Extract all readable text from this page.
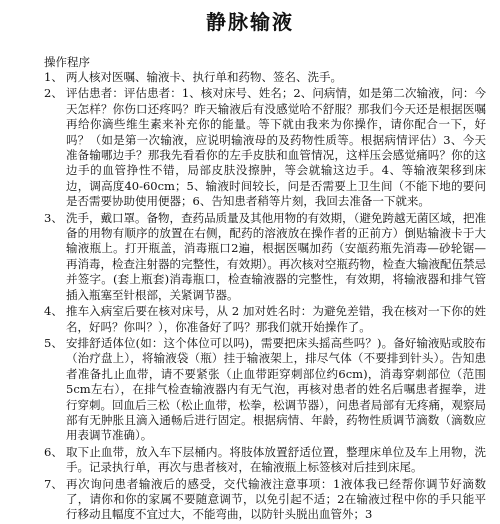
静脉输液
操作程序
1、 两人核对医嘱、输液卡、执行单和药物、签名、洗手。
2、 评估患者：评估患者：1、核对床号、姓名；2、问病情，如是第二次输液，问：今天怎样？你伤口还疼吗？昨天输液后有没感觉哈不舒服？那我们今天还是根据医嘱再给你滴些维生素来补充你的能量。等下就由我来为你操作，请你配合一下，好吗？（如是第一次输液，应说明输液母的及药物性质等。根据病情评估）3、今天准备输哪边手？那我先看看你的左手皮肤和血管情况，这样压会感觉痛吗？你的这边手的血管挣性不错，局部皮肤没擦肿，等会就输这边手。4、等输液架移到床边，调高度40-60cm；5、输液时间较长，问是否需要上卫生间（不能下地的要问是否需要协助使用便器；6、告知患者稍等片刻，我回去准备一下就来。
3、 洗手，戴口罩。备物，查药品质量及其他用物的有效期，（避免跨越无菌区域，把准备的用物有顺序的放置在右侧，配药的溶液放在操作者的正前方）倒贴输液卡于大输液瓶上。打开瓶盖，消毒瓶口2遍，根据医嘱加药（安瓿药瓶先消毒—砂轮锯—再消毒，检查注射器的完整性，有效期）。再次核对空瓶药物，检查大输液配伍禁忌并签字。(套上瓶套)消毒瓶口，检查输液器的完整性，有效期，将输液器和排气管插入瓶塞至针根部，关紧调节器。
4、 推车入病室后要在核对床号，从 2 加对姓名时：为避免差错，我在核对一下你的姓名，好吗？你叫？），你准备好了吗？那我们就开始操作了。
5、 安排舒适体位(如：这个体位可以吗)，需要把床头摇高些吗？)。备好输液贴或胶布（治疗盘上），将输液袋（瓶）挂于输液架上，排尽气体（不要排到针头）。告知患者准备扎止血带，请不要紧张（止血带距穿刺部位约6cm)，消毒穿刺部位（范围5cm左右），在排气检查输液器内有无气泡，再核对患者的姓名后嘱患者握拳，进行穿刺。回血后三松（松止血带，松拳，松调节器），问患者局部有无疼痛，观察局部有无肿胀且滴入通畅后进行固定。根据病情、年龄，药物性质调节滴数（滴数应用表调节准确）。
6、 取下止血带，放入车下层桶内。将肢体放置舒适位置，整理床单位及车上用物，洗手。记录执行单，再次与患者核对，在输液瓶上标签核对后挂到床尾。
7、 再次询问患者输液后的感受，交代输液注意事项：1液体我已经帮你调节好滴数了，请你和你的家属不要随意调节，以免引起不适；2在输液过程中你的手只能平行移动且幅度不宜过大，不能弯曲，以防针头脱出血管外；3
